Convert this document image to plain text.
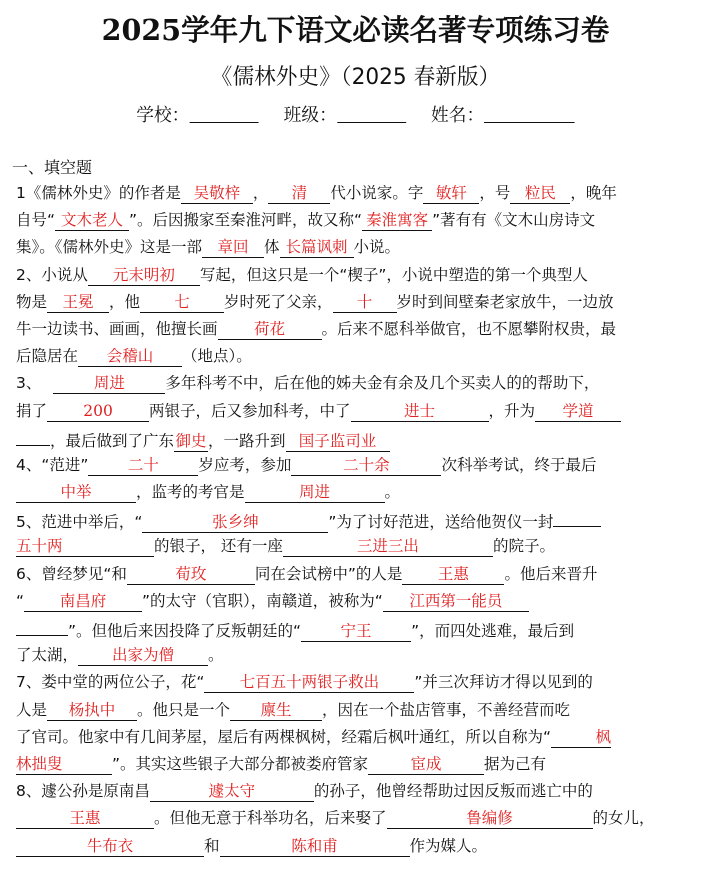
2025学年九下语文必读名著专项练习卷
《儒林外史》（2025 春新版）
学校：	班级：	姓名：
一、填空题
1《儒林外史》的作者是 吴敬梓 ， 清 代小说家。字 敏轩 ，号 粒民 ，晚年
自号“ 文木老人 ”。后因搬家至秦淮河畔，故又称“ 秦淮寓客 ”著有有《文木山房诗文
集》。《儒林外史》这是一部 章回 体 长篇讽刺 小说。
2、小说从 元末明初 写起，但这只是一个“楔子”，小说中塑造的第一个典型人
物是 王冕 ，他 七 岁时死了父亲， 十 岁时到间壁秦老家放牛，一边放
牛一边读书、画画，他擅长画 荷花 。后来不愿科举做官，也不愿攀附权贵，最
后隐居在 会稽山 （地点）。
3、	周进	多年科考不中，后在他的姊夫金有余及几个买卖人的的帮助下，
捐了 200 两银子，后又参加科考，中了	进士	，升为 学道
，最后做到了广东御史，一路升到 国子监司业
4、“范进”	二十	岁应考，参加	二十余	次科举考试，终于最后
中举	，监考的考官是	周进	。
5、范进中举后，“	张乡绅	”为了讨好范进，送给他贺仪一封
五十两	的银子， 还有一座	三进三出	的院子。
6、曾经梦见“和	荀玫	同在会试榜中”的人是 王惠 。他后来晋升
“ 南昌府 ”的太守（官职），南赣道，被称为“ 江西第一能员
”。但他后来因投降了反叛朝廷的“	宁王	”，而四处逃难，最后到
了太湖， 出家为僧 。
7、娄中堂的两位公子，花“ 七百五十两银子救出 ”并三次拜访才得以见到的
人是 杨执中 。他只是一个 廪生 ，因在一个盐店管事，不善经营而吃
了官司。他家中有几间茅屋，屋后有两棵枫树，经霜后枫叶通红，所以自称为“	枫
林拙叟	”。其实这些银子大部分都被娄府管家	宦成	据为己有
8、遽公孙是原南昌	遽太守	的孙子，他曾经帮助过因反叛而逃亡中的
王惠	。但他无意于科举功名，后来娶了	鲁编修	的女儿，
牛布衣	和	陈和甫	作为媒人。
